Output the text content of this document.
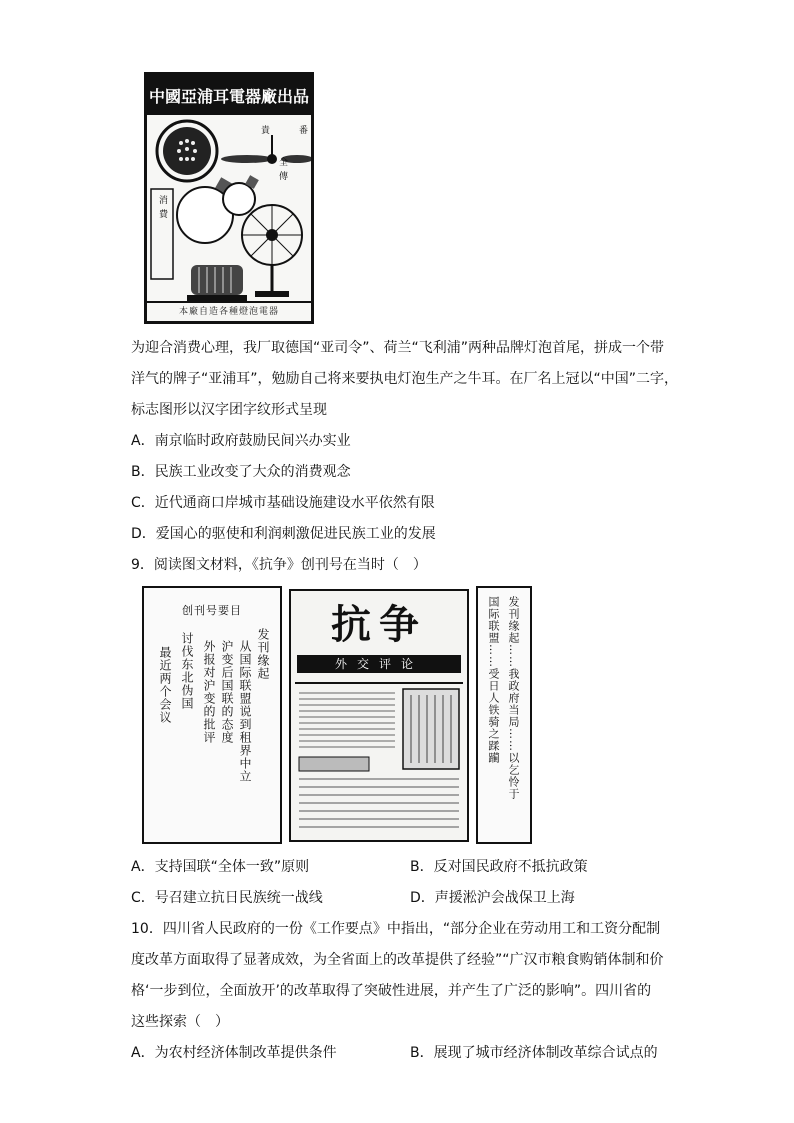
中國亞浦耳電器廠出品

貴	番
全 傳
消 費
本廠自造各種燈泡電器
为迎合消费心理，我厂取德国“亚司令”、荷兰“飞利浦”两种品牌灯泡首尾，拼成一个带
洋气的牌子“亚浦耳”，勉励自己将来要执电灯泡生产之牛耳。在厂名上冠以“中国”二字，
标志图形以汉字团字纹形式呈现
A．南京临时政府鼓励民间兴办实业
B．民族工业改变了大众的消费观念
C．近代通商口岸城市基础设施建设水平依然有限
D．爱国心的驱使和利润刺激促进民族工业的发展
9．阅读图文材料，《抗争》创刊号在当时（　）
创刊号要目
发刊缘起
从国际联盟说到租界中立
沪变后国联的态度
外报对沪变的批评
讨伐东北伪国
最近两个会议
抗争
外交评论	发刊缘起……我政府当局……以乞怜于
国际联盟……受日人铁骑之蹂躏
A．支持国联“全体一致”原则	B．反对国民政府不抵抗政策
C．号召建立抗日民族统一战线	D．声援淞沪会战保卫上海
10．四川省人民政府的一份《工作要点》中指出，“部分企业在劳动用工和工资分配制
度改革方面取得了显著成效，为全省面上的改革提供了经验”“广汉市粮食购销体制和价
格‘一步到位，全面放开’的改革取得了突破性进展，并产生了广泛的影响”。四川省的
这些探索（　）
A．为农村经济体制改革提供条件	B．展现了城市经济体制改革综合试点的
